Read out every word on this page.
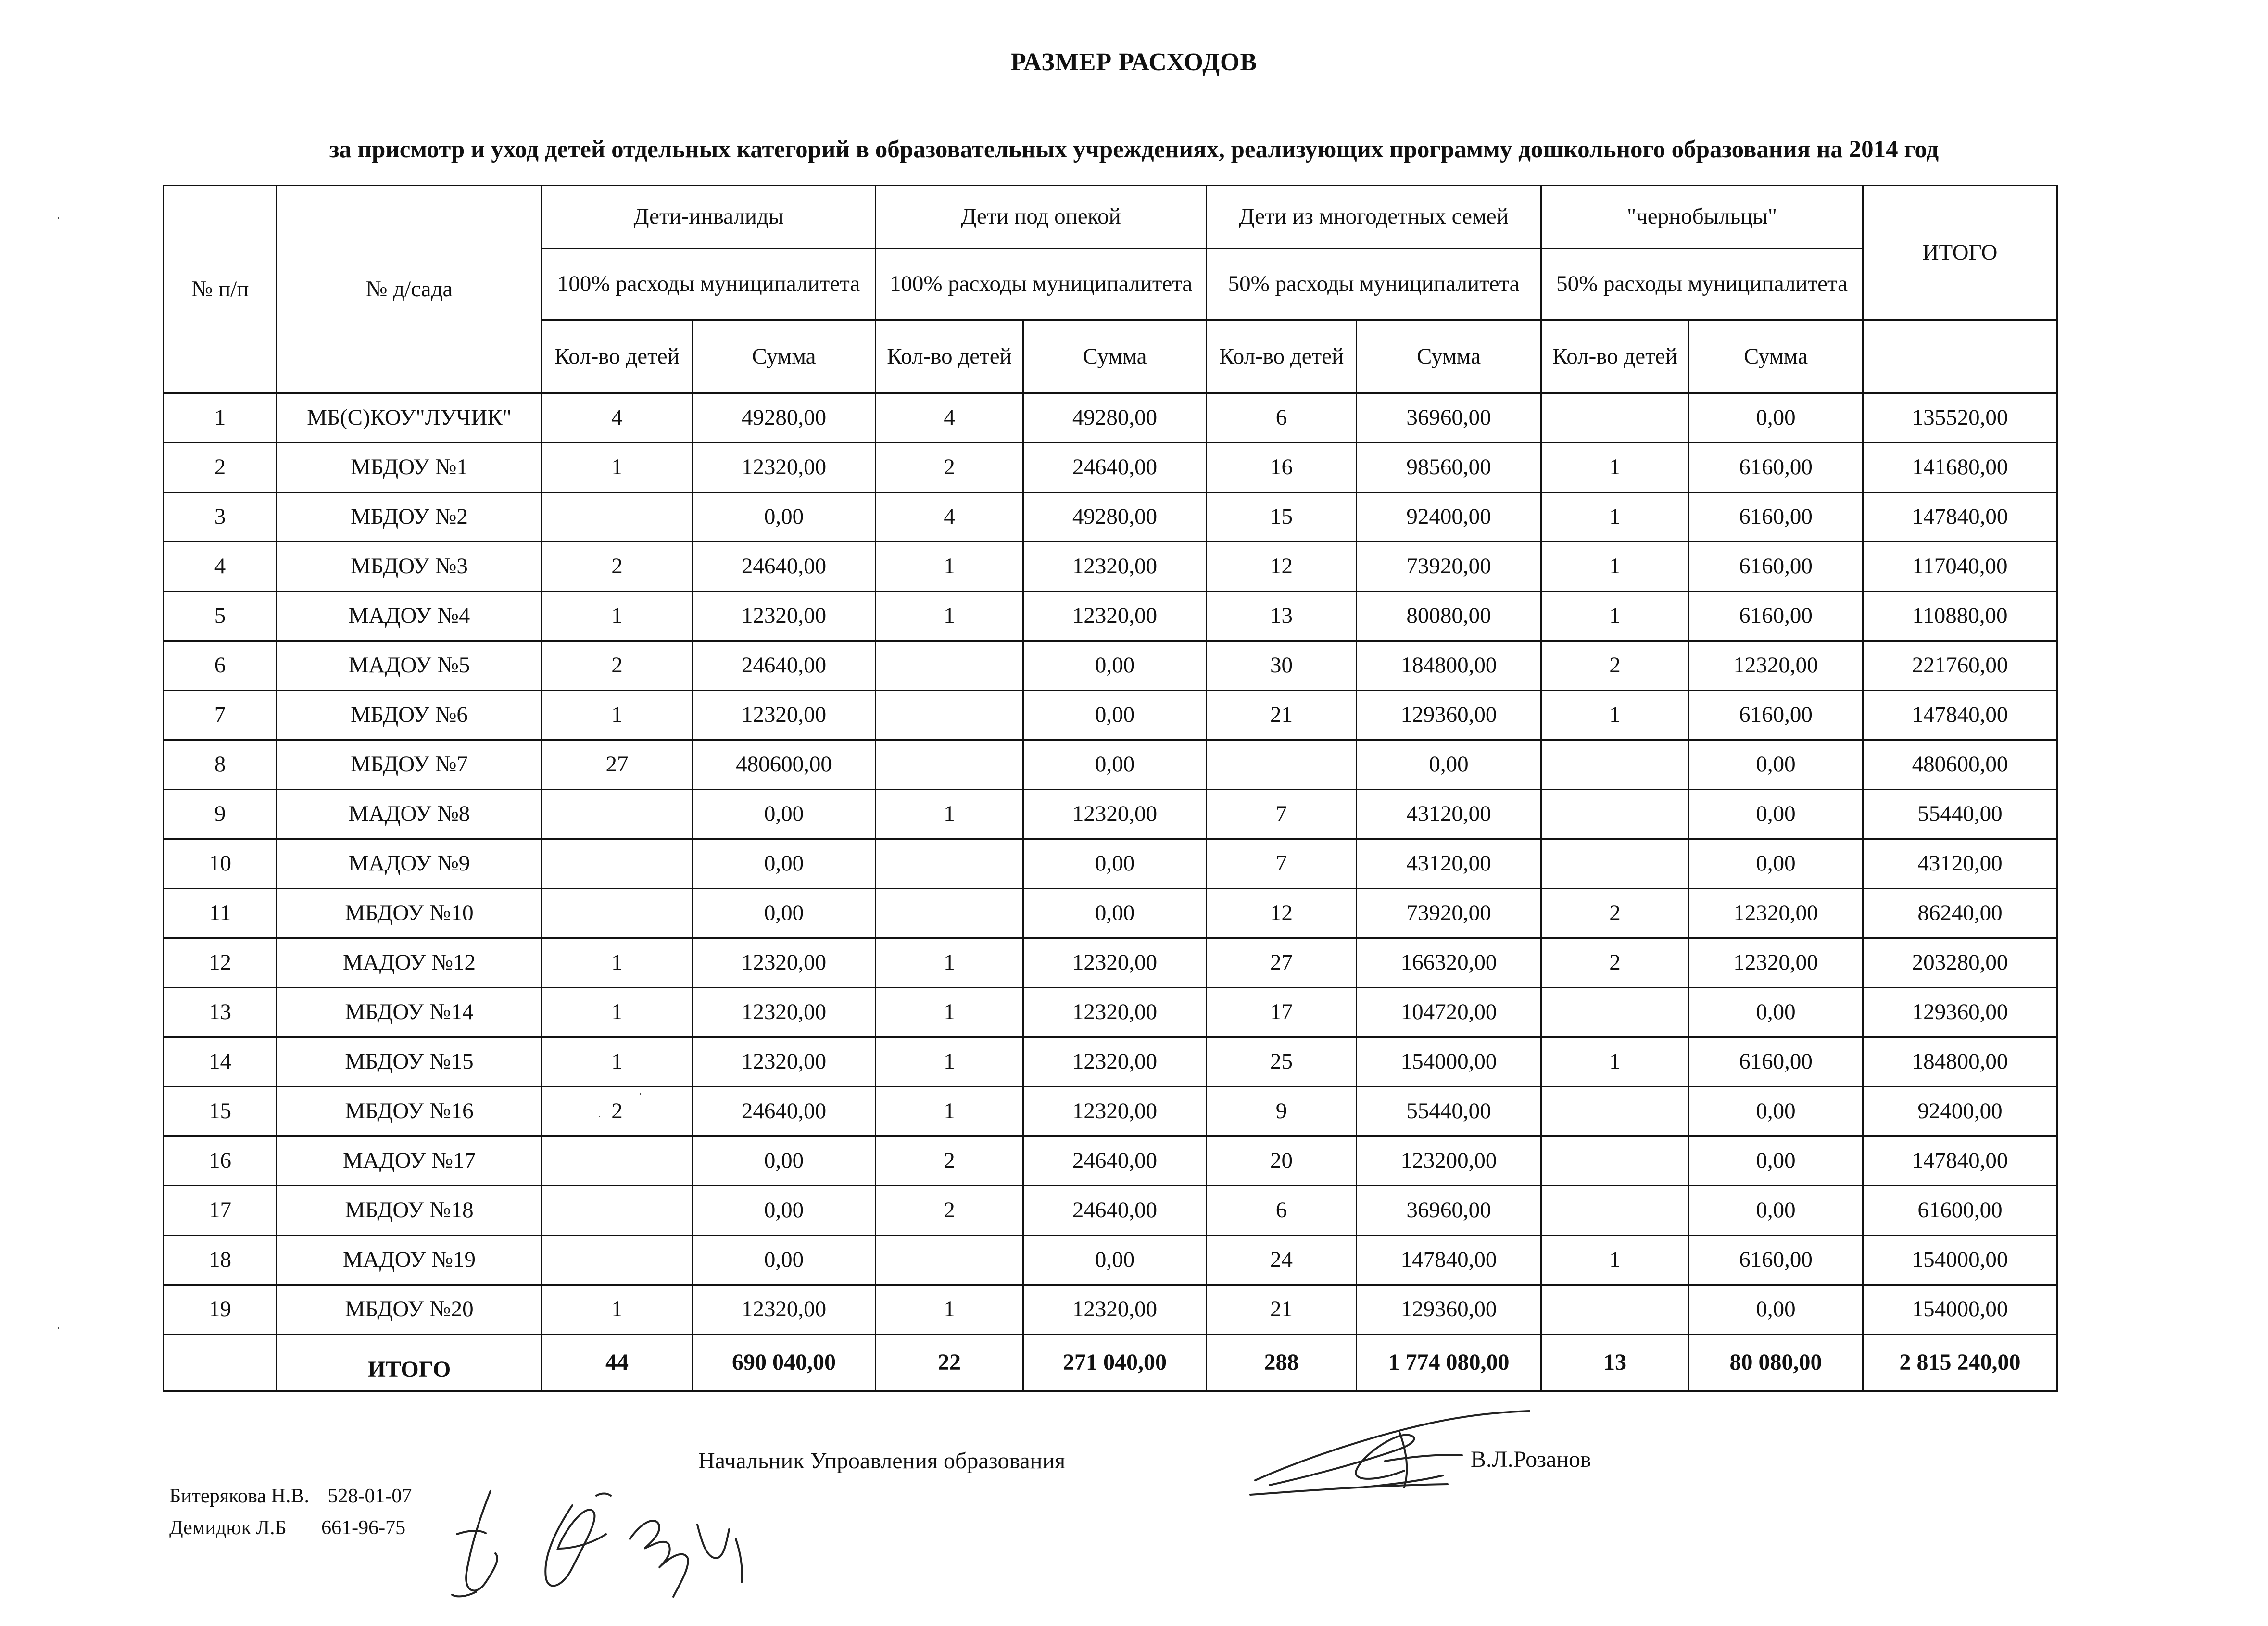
РАЗМЕР РАСХОДОВ
за присмотр и уход детей отдельных категорий в образовательных учреждениях, реализующих программу дошкольного образования на 2014 год
№ п/п	№ д/сада	Дети-инвалиды		Дети под опекой		Дети из многодетных семей		"чернобыльцы"		ИТОГО
		100% расходы муниципалитета		100% расходы муниципалитета		50% расходы муниципалитета		50% расходы муниципалитета		
		Кол-во детей	Сумма	Кол-во детей	Сумма	Кол-во детей	Сумма	Кол-во детей	Сумма	
1	МБ(С)КОУ"ЛУЧИК"	4	49280,00	4	49280,00	6	36960,00		0,00	135520,00
2	МБДОУ №1	1	12320,00	2	24640,00	16	98560,00	1	6160,00	141680,00
3	МБДОУ №2		0,00	4	49280,00	15	92400,00	1	6160,00	147840,00
4	МБДОУ №3	2	24640,00	1	12320,00	12	73920,00	1	6160,00	117040,00
5	МАДОУ №4	1	12320,00	1	12320,00	13	80080,00	1	6160,00	110880,00
6	МАДОУ №5	2	24640,00		0,00	30	184800,00	2	12320,00	221760,00
7	МБДОУ №6	1	12320,00		0,00	21	129360,00	1	6160,00	147840,00
8	МБДОУ №7	27	480600,00		0,00		0,00		0,00	480600,00
9	МАДОУ №8		0,00	1	12320,00	7	43120,00		0,00	55440,00
10	МАДОУ №9		0,00		0,00	7	43120,00		0,00	43120,00
11	МБДОУ №10		0,00		0,00	12	73920,00	2	12320,00	86240,00
12	МАДОУ №12	1	12320,00	1	12320,00	27	166320,00	2	12320,00	203280,00
13	МБДОУ №14	1	12320,00	1	12320,00	17	104720,00		0,00	129360,00
14	МБДОУ №15	1	12320,00	1	12320,00	25	154000,00	1	6160,00	184800,00
15	МБДОУ №16	2	24640,00	1	12320,00	9	55440,00		0,00	92400,00
16	МАДОУ №17		0,00	2	24640,00	20	123200,00		0,00	147840,00
17	МБДОУ №18		0,00	2	24640,00	6	36960,00		0,00	61600,00
18	МАДОУ №19		0,00		0,00	24	147840,00	1	6160,00	154000,00
19	МБДОУ №20	1	12320,00	1	12320,00	21	129360,00		0,00	154000,00
	ИТОГО	44	690 040,00	22	271 040,00	288	1 774 080,00	13	80 080,00	2 815 240,00
Начальник Упроавления образования	В.Л.Розанов
Битерякова Н.В. 528-01-07
Демидюк Л.Б 661-96-75
